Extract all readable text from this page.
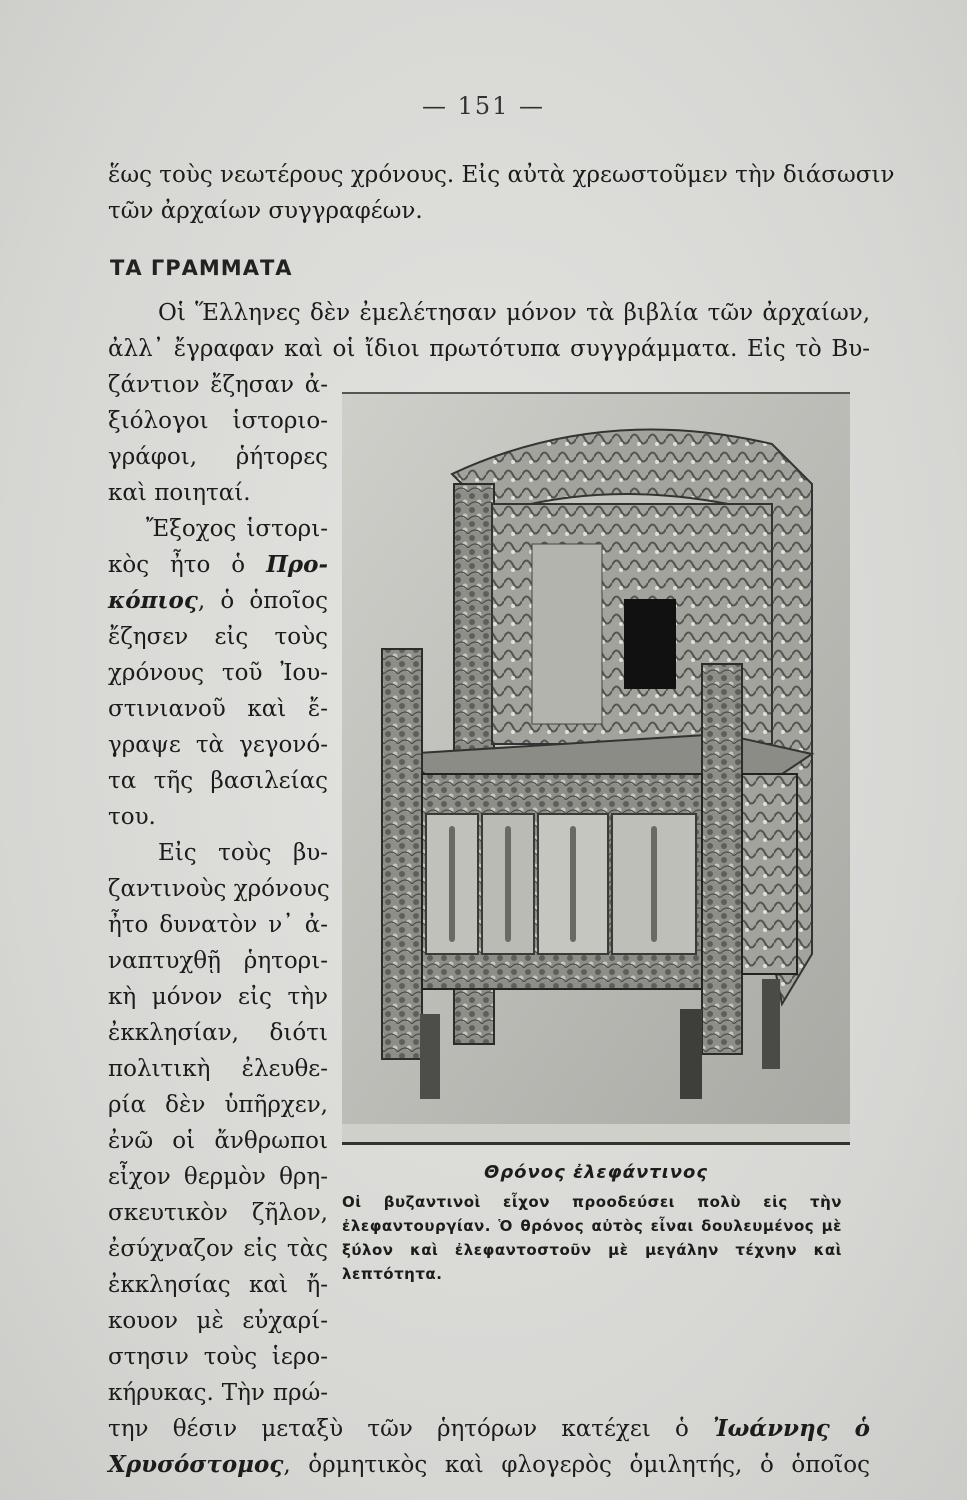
— 151 —
ἕως τοὺς νεωτέρους χρόνους. Εἰς αὐτὰ χρεωστοῦμεν τὴν διάσωσιν
τῶν ἀρχαίων συγγραφέων.
ΤΑ ΓΡΑΜΜΑΤΑ
Οἱ Ἕλληνες δὲν ἐμελέτησαν μόνον τὰ βιβλία τῶν ἀρχαίων,
ἀλλ᾽ ἔγραφαν καὶ οἱ ἴδιοι πρωτότυπα συγγράμματα. Εἰς τὸ Βυ-
ζάντιον ἔζησαν ἀ-
ξιόλογοι ἱστοριο-
γράφοι, ῥήτορες
καὶ ποιηταί.
Ἔξοχος ἱστορι-
κὸς ἦτο ὁ Προ-
κόπιος, ὁ ὁποῖος
ἔζησεν εἰς τοὺς
χρόνους τοῦ Ἰου-
στινιανοῦ καὶ ἔ-
γραψε τὰ γεγονό-
τα τῆς βασιλείας
του.
Εἰς τοὺς βυ-
ζαντινοὺς χρόνους
ἦτο δυνατὸν ν᾽ ἀ-
ναπτυχθῇ ῥητορι-
κὴ μόνον εἰς τὴν
ἐκκλησίαν, διότι
πολιτικὴ ἐλευθε-
ρία δὲν ὑπῆρχεν,
ἐνῶ οἱ ἄνθρωποι
εἶχον θερμὸν θρη-
σκευτικὸν ζῆλον,
ἐσύχναζον εἰς τὰς
ἐκκλησίας καὶ ἤ-
κουον μὲ εὐχαρί-
στησιν τοὺς ἱερο-
κήρυκας. Τὴν πρώ-
την θέσιν μεταξὺ τῶν ῥητόρων κατέχει ὁ Ἰωάννης ὁ
Χρυσόστομος, ὁρμητικὸς καὶ φλογερὸς ὁμιλητής, ὁ ὁποῖος
Θρόνος ἐλεφάντινος
Οἱ βυζαντινοὶ εἶχον προοδεύσει πολὺ εἰς τὴν ἐλεφαντουργίαν. Ὁ θρόνος αὐτὸς εἶναι δουλευμένος μὲ ξύλον καὶ ἐλεφαντοστοῦν μὲ μεγάλην τέχνην καὶ λεπτότητα.
